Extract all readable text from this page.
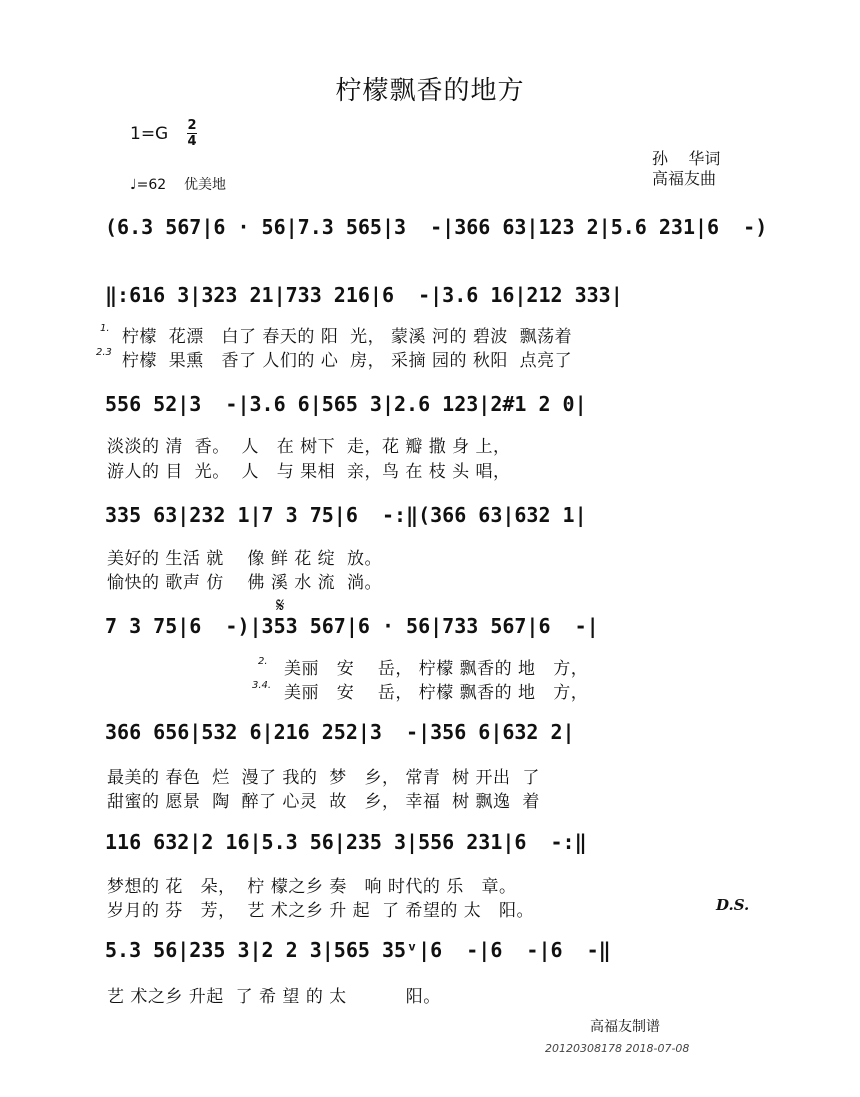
柠檬飘香的地方
1=G 2
4
♩=62    优美地
孙    华词
高福友曲
(6.3 567|6 · 56|7.3 565|3  -|366 63|123 2|5.6 231|6  -)
‖:616 3|323 21|733 216|6  -|3.6 16|212 333|
1. 柠檬  花漂   白了 春天的 阳  光， 蒙溪 河的 碧波  飘荡着
2.3 柠檬  果熏   香了 人们的 心  房， 采摘 园的 秋阳  点亮了
556 52|3  -|3.6 6|565 3|2.6 123|2#1 2 0|
淡淡的 清  香。  人   在 树下  走，花 瓣 撒 身 上，
游人的 目  光。  人   与 果相  亲，鸟 在 枝 头 唱，
335 63|232 1|7 3 75|6  -:‖(366 63|632 1|
美好的 生活 就    像 鲜 花 绽  放。
愉快的 歌声 仿    佛 溪 水 流  淌。
𝄋
7 3 75|6  -)|353 567|6 · 56|733 567|6  -|
2. 美丽   安    岳， 柠檬 飘香的 地   方，
3.4. 美丽   安    岳， 柠檬 飘香的 地   方，
366 656|532 6|216 252|3  -|356 6|632 2|
最美的 春色  烂  漫了 我的  梦   乡， 常青  树 开出  了
甜蜜的 愿景  陶  醉了 心灵  故   乡， 幸福  树 飘逸  着
116 632|2 16|5.3 56|235 3|556 231|6  -:‖
梦想的 花   朵，  柠 檬之乡 奏   响 时代的 乐   章。
岁月的 芬   芳，  艺 术之乡 升 起  了 希望的 太   阳。	D.S.
5.3 56|235 3|2 2 3|565 35ᵛ|6  -|6  -|6  -‖
艺 术之乡 升起  了 希 望 的 太          阳。
高福友制谱
20120308178 2018-07-08
